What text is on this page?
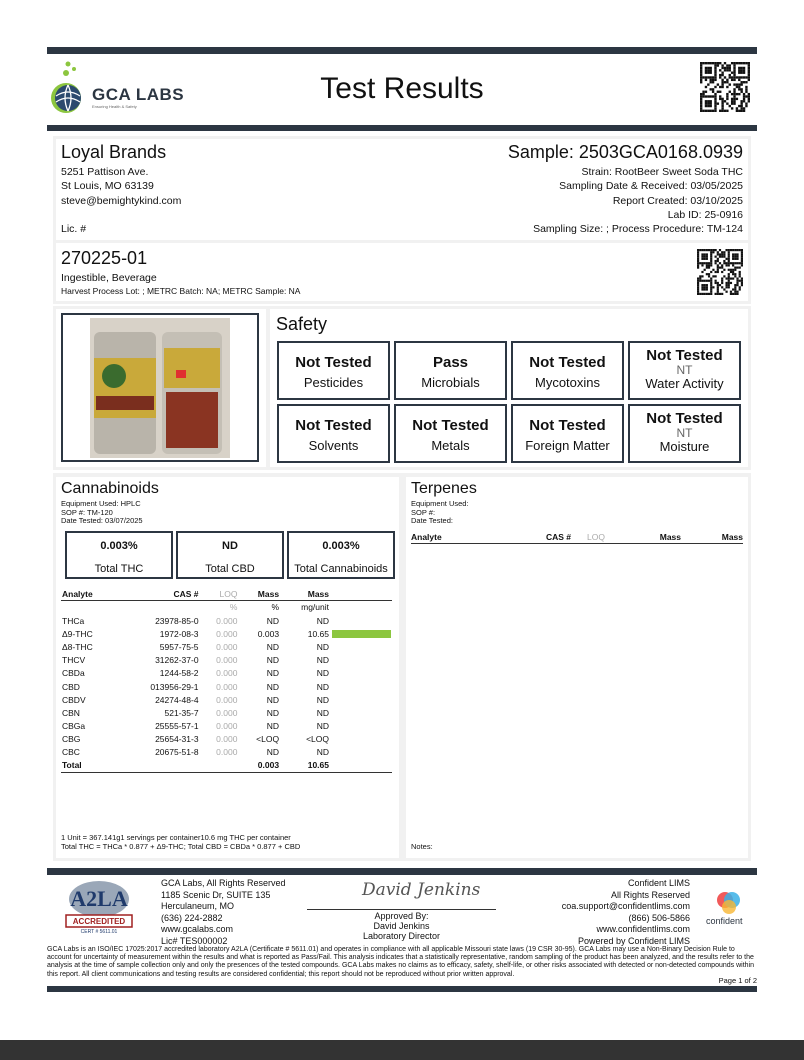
GCA LABS
Ensuring Health & Safety
Test Results
Loyal Brands
5251 Pattison Ave.
St Louis, MO 63139
steve@bemightykind.com
Lic. #
Sample: 2503GCA0168.0939
Strain: RootBeer Sweet Soda THC
Sampling Date & Received: 03/05/2025
Report Created: 03/10/2025
Lab ID: 25-0916
Sampling Size: ; Process Procedure: TM-124
270225-01
Ingestible, Beverage
Harvest Process Lot: ; METRC Batch: NA; METRC Sample: NA
Safety
Not Tested
Pesticides
Pass
Microbials
Not Tested
Mycotoxins
Not Tested
NT
Water Activity
Not Tested
Solvents
Not Tested
Metals
Not Tested
Foreign Matter
Not Tested
NT
Moisture
Cannabinoids
Equipment Used: HPLC
SOP #: TM-120
Date Tested: 03/07/2025
0.003%
Total THC
ND
Total CBD
0.003%
Total Cannabinoids
Analyte	CAS #	LOQ	Mass	Mass	
		%	%	mg/unit	
THCa	23978-85-0	0.000	ND	ND	
Δ9-THC	1972-08-3	0.000	0.003	10.65	

Δ8-THC	5957-75-5	0.000	ND	ND	
THCV	31262-37-0	0.000	ND	ND	
CBDa	1244-58-2	0.000	ND	ND	
CBD	013956-29-1	0.000	ND	ND	
CBDV	24274-48-4	0.000	ND	ND	
CBN	521-35-7	0.000	ND	ND	
CBGa	25555-57-1	0.000	ND	ND	
CBG	25654-31-3	0.000	<LOQ	<LOQ	
CBC	20675-51-8	0.000	ND	ND	
Total			0.003	10.65	
1 Unit = 367.141g1 servings per container10.6 mg THC per container
Total THC = THCa * 0.877 + Δ9-THC; Total CBD = CBDa * 0.877 + CBD
Terpenes
Equipment Used:
SOP #:
Date Tested:
Analyte	CAS #	LOQ	Mass	Mass
Notes:
A2LA
ACCREDITED
CERT # 5611.01
GCA Labs, All Rights Reserved
1185 Scenic Dr, SUITE 135
Herculaneum, MO
(636) 224-2882
www.gcalabs.com
Lic# TES000002
David Jenkins
Approved By:
David Jenkins
Laboratory Director
Confident LIMS
All Rights Reserved
coa.support@confidentlims.com
(866) 506-5866
www.confidentlims.com
Powered by Confident LIMS
confident
GCA Labs is an ISO/IEC 17025:2017 accredited laboratory A2LA (Certificate # 5611.01) and operates in compliance with all applicable Missouri state laws (19 CSR 30-95). GCA Labs may use a Non-Binary Decision Rule to account for uncertainty of measurement within the results and what is reported as Pass/Fail. This analysis indicates that a statistically representative, random sampling of the product has been analyzed, and the results refer to the analysis at the time of sample collection only and only the presences of the tested compounds. GCA Labs makes no claims as to efficacy, safety, shelf-life, or other risks associated with detected or non-detected compounds within this report. All client communications and testing results are considered confidential; this report should not be reproduced without prior written approval.
Page 1 of 2
